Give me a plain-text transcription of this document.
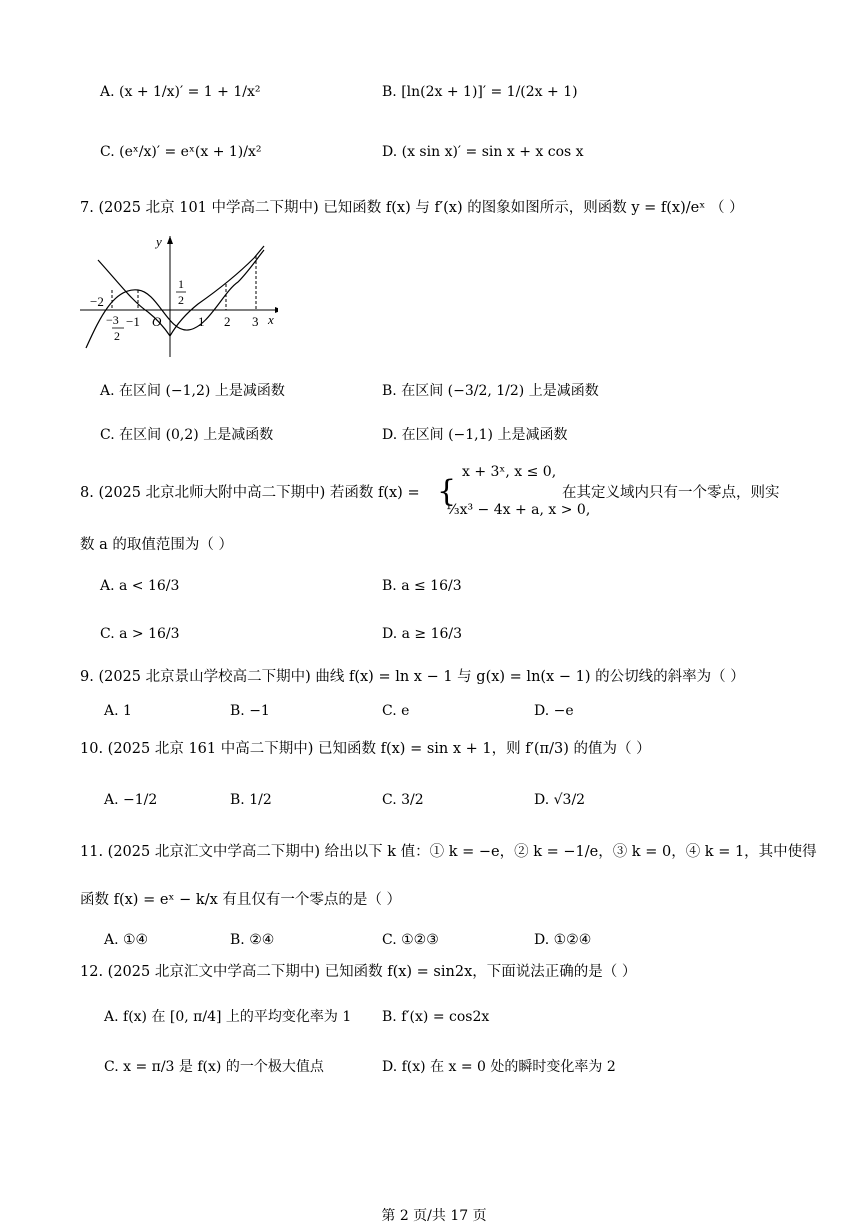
A. (x + 1/x)′ = 1 + 1/x²	B. [ln(2x + 1)]′ = 1/(2x + 1)
C. (eˣ/x)′ = eˣ(x + 1)/x²	D. (x sin x)′ = sin x + x cos x
7. (2025 北京 101 中学高二下期中) 已知函数 f(x) 与 f′(x) 的图象如图所示，则函数 y = f(x)/eˣ （ ）
y
x
−2
−1 O
−3
2
1
2
1 2 3
A. 在区间 (−1,2) 上是减函数	B. 在区间 (−3/2, 1/2) 上是减函数
C. 在区间 (0,2) 上是减函数	D. 在区间 (−1,1) 上是减函数
8. (2025 北京北师大附中高二下期中) 若函数 f(x) = {
x + 3ˣ, x ≤ 0,
⅓x³ − 4x + a, x > 0,
在其定义域内只有一个零点，则实
数 a 的取值范围为（ ）
A. a < 16/3	B. a ≤ 16/3
C. a > 16/3	D. a ≥ 16/3
9. (2025 北京景山学校高二下期中) 曲线 f(x) = ln x − 1 与 g(x) = ln(x − 1) 的公切线的斜率为（ ）
A. 1	B. −1	C. e	D. −e
10. (2025 北京 161 中高二下期中) 已知函数 f(x) = sin x + 1，则 f′(π/3) 的值为（ ）
A. −1/2	B. 1/2	C. 3/2	D. √3/2
11. (2025 北京汇文中学高二下期中) 给出以下 k 值：① k = −e，② k = −1/e，③ k = 0，④ k = 1，其中使得
函数 f(x) = eˣ − k/x 有且仅有一个零点的是（ ）
A. ①④	B. ②④	C. ①②③	D. ①②④
12. (2025 北京汇文中学高二下期中) 已知函数 f(x) = sin2x，下面说法正确的是（ ）
A. f(x) 在 [0, π/4] 上的平均变化率为 1 B. f′(x) = cos2x
C. x = π/3 是 f(x) 的一个极大值点	D. f(x) 在 x = 0 处的瞬时变化率为 2
第 2 页/共 17 页
